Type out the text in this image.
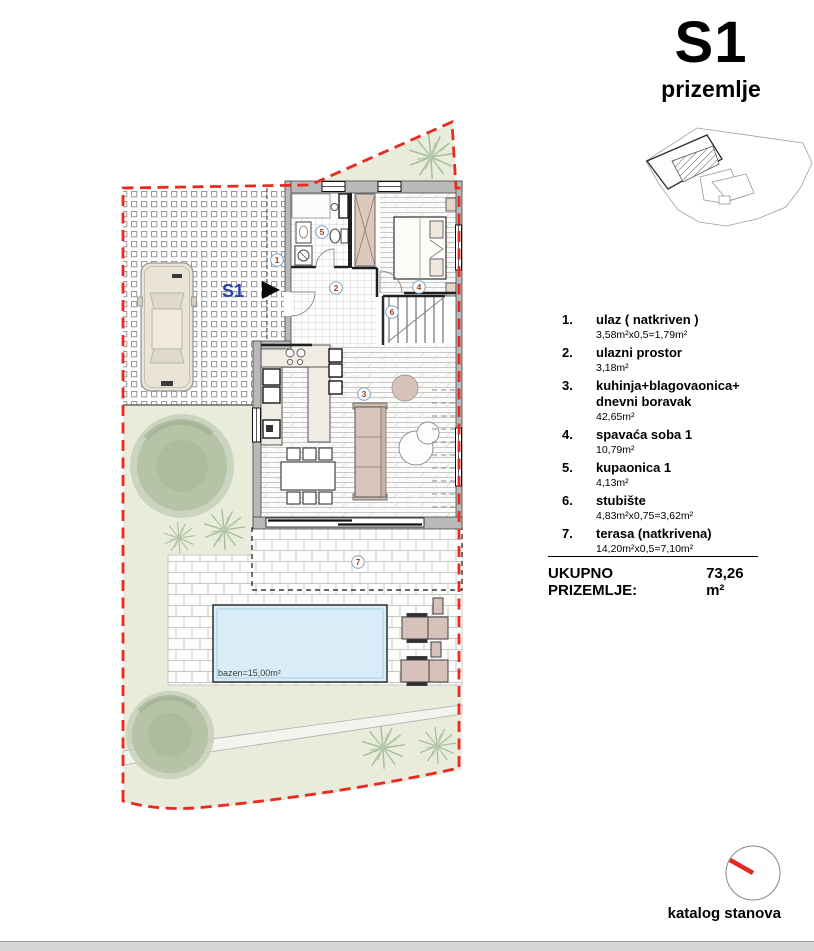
bazen=15,00m²
S1
1
2
3
4
5
6
7
S1
prizemlje
1.	ulaz ( natkriven )
3,58m²x0,5=1,79m²
2.	ulazni prostor
3,18m²
3.	kuhinja+blagovaonica+
dnevni boravak
42,65m²
4.	spavaća soba 1
10,79m²
5.	kupaonica 1
4,13m²
6.	stubište
4,83m²x0,75=3,62m²
7.	terasa (natkrivena)
14,20m²x0,5=7,10m²
UKUPNO PRIZEMLJE:
73,26 m²
katalog stanova
